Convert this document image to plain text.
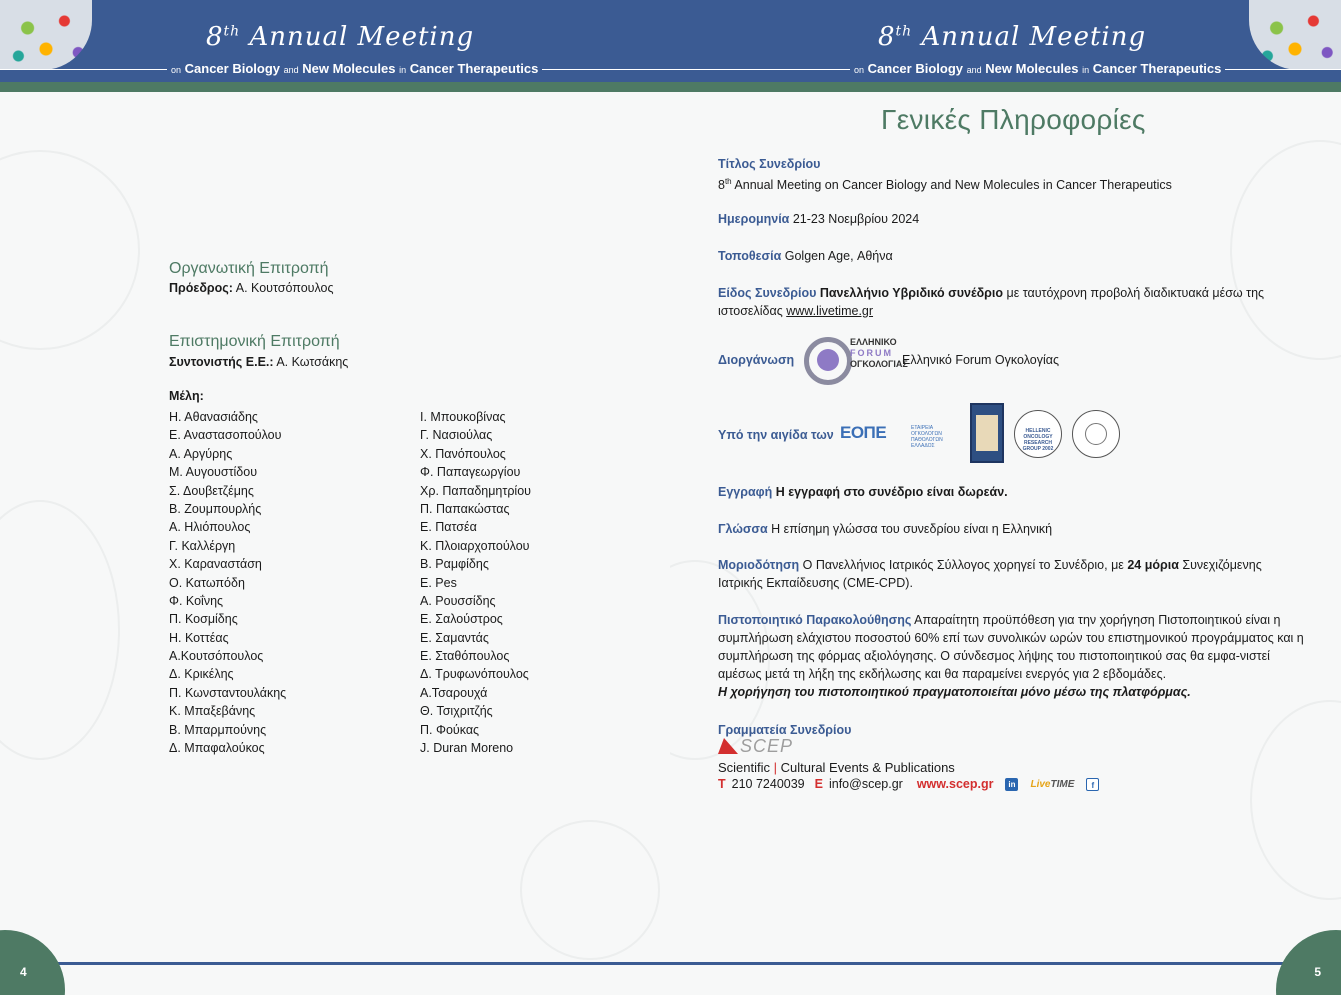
8th Annual Meeting
on Cancer Biology and New Molecules in Cancer Therapeutics
Οργανωτική Επιτροπή
Πρόεδρος: Α. Κουτσόπουλος
Επιστημονική Επιτροπή
Συντονιστής Ε.Ε.: Α. Κωτσάκης
Μέλη:
Η. Αθανασιάδης
Ε. Αναστασοπούλου
Α. Αργύρης
Μ. Αυγουστίδου
Σ. Δουβετζέμης
Β. Ζουμπουρλής
Α. Ηλιόπουλος
Γ. Καλλέργη
Χ. Καραναστάση
Ο. Κατωπόδη
Φ. Κοΐνης
Π. Κοσμίδης
Η. Κοττέας
Α.Κουτσόπουλος
Δ. Κρικέλης
Π. Κωνσταντουλάκης
Κ. Μπαξεβάνης
Β. Μπαρμπούνης
Δ. Μπαφαλούκος
Ι. Μπουκοβίνας
Γ. Νασιούλας
Χ. Πανόπουλος
Φ. Παπαγεωργίου
Χρ. Παπαδημητρίου
Π. Παπακώστας
Ε. Πατσέα
Κ. Πλοιαρχοπούλου
Β. Ραμφίδης
Ε. Pes
Α. Ρουσσίδης
Ε. Σαλούστρος
Ε. Σαμαντάς
Ε. Σταθόπουλος
Δ. Τρυφωνόπουλος
Α.Τσαρουχά
Θ. Τσιχριτζής
Π. Φούκας
J. Duran Moreno
4
8th Annual Meeting
on Cancer Biology and New Molecules in Cancer Therapeutics
Γενικές Πληροφορίες
Τίτλος Συνεδρίου
8th Annual Meeting on Cancer Biology and New Molecules in Cancer Therapeutics
Ημερομηνία 21-23 Νοεμβρίου 2024
Τοποθεσία Golgen Age, Αθήνα
Είδος Συνεδρίου Πανελλήνιο Υβριδικό συνέδριο με ταυτόχρονη προβολή διαδικτυακά μέσω της ιστοσελίδας www.livetime.gr
Διοργάνωση
ΕΛΛΗΝΙΚΟ
FORUM
ΟΓΚΟΛΟΓΙΑΣ
Ελληνικό Forum Ογκολογίας
Υπό την αιγίδα των ΕΟΠΕ	ΕΤΑΙΡΕΙΑ ΟΓΚΟΛΟΓΩΝ ΠΑΘΟΛΟΓΩΝ ΕΛΛΑΔΟΣ
HELLENIC ONCOLOGY RESEARCH GROUP 2002
Εγγραφή Η εγγραφή στο συνέδριο είναι δωρεάν.
Γλώσσα Η επίσημη γλώσσα του συνεδρίου είναι η Ελληνική
Μοριοδότηση Ο Πανελλήνιος Ιατρικός Σύλλογος χορηγεί το Συνέδριο, με 24 μόρια Συνεχιζόμενης Ιατρικής Εκπαίδευσης (CME-CPD).
Πιστοποιητικό Παρακολούθησης Απαραίτητη προϋπόθεση για την χορήγηση Πιστοποιητικού είναι η συμπλήρωση ελάχιστου ποσοστού 60% επί των συνολικών ωρών του επιστημονικού προγράμματος και η συμπλήρωση της φόρμας αξιολόγησης. Ο σύνδεσμος λήψης του πιστοποιητικού σας θα εμφα-νιστεί αμέσως μετά τη λήξη της εκδήλωσης και θα παραμείνει ενεργός για 2 εβδομάδες.
Η χορήγηση του πιστοποιητικού πραγματοποιείται μόνο μέσω της πλατφόρμας.
Γραμματεία Συνεδρίου
SCEP
Scientific | Cultural Events & Publications
T 210 7240039 E info@scep.gr www.scep.gr	in LiveTIME	f
5
